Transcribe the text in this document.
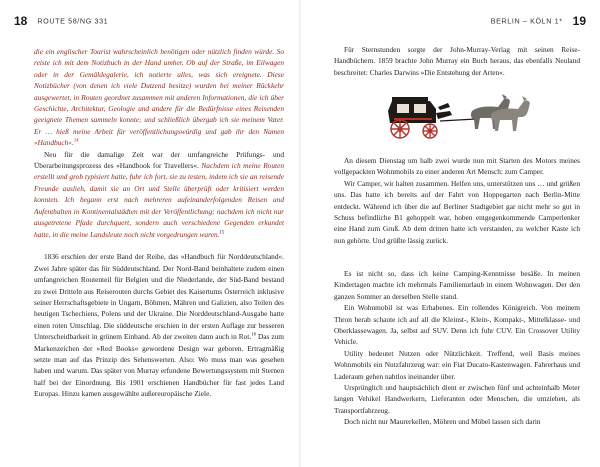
18 ROUTE 58/NG 331

die ein englischer Tourist wahrscheinlich benötigen oder nützlich finden würde. So reiste ich mit dem Notizbuch in der Hand umher. Ob auf der Straße, im Eilwagen oder in der Gemäldegalerie, ich notierte alles, was sich ereignete. Diese Notizbücher (von denen ich viele Dutzend besitze) wurden bei meiner Rückkehr ausgewertet, in Routen geordnet zusammen mit anderen Informationen, die ich über Geschichte, Architektur, Geologie und andere für die Bedürfnisse eines Reisenden geeignete Themen sammeln konnte; und schließlich übergab ich sie meinem Vater. Er … hieß meine Arbeit für veröffentlichungswürdig und gab ihr den Namen »Handbuch«.$^{14}$

Neu für die damalige Zeit war der umfangreiche Prüfungs- und Überarbeitungsprozess des »Handbook for Travellers«. Nachdem ich meine Routen erstellt und grob typisiert hatte, fuhr ich fort, sie zu testen, indem ich sie an reisende Freunde auslieh, damit sie an Ort und Stelle überprüft oder kritisiert werden konnten. Ich begann erst nach mehreren aufeinanderfolgenden Reisen und Aufenthalten in Kontinentalstädten mit der Veröffentlichung; nachdem ich nicht nur ausgetretene Pfade durchquert, sondern auch verschiedene Gegenden erkundet hatte, in die meine Landsleute noch nicht vorgedrungen waren.$^{15}$

1836 erschien der erste Band der Reihe, das »Handbuch für Norddeutschland«. Zwei Jahre später das für Süddeutschland. Der Nord-Band beinhaltete zudem einen umfangreichen Routenteil für Belgien und die Niederlande, der Süd-Band bestand zu zwei Dritteln aus Reiserouten durchs Gebiet des Kaisertums Österreich inklusive seiner Herrschaftsgebiete in Ungarn, Böhmen, Mähren und Galizien, also Teilen des heutigen Tschechiens, Polens und der Ukraine. Die Norddeutschland-Ausgabe hatte einen roten Umschlag. Die süddeutsche erschien in der ersten Auflage zur besseren Unterscheidbarkeit in grünem Einband. Ab der zweiten dann auch in Rot.$^{16}$ Das zum Markenzeichen der »Red Books« gewordene Design war geboren. Ertragmäßig setzte man auf das Prinzip des Sehenswerten. Also: Wo muss man was gesehen haben und warum. Das später von Murray erfundene Bewertungssystem mit Sternen half bei der Einordnung. Bis 1901 erschienen Handbücher für fast jedes Land Europas. Hinzu kamen ausgewählte außereuropäische Ziele.

BERLIN – KÖLN 1* 19

Für Sternstunden sorgte der John-Murray-Verlag mit seinen Reise-Handbüchern. 1859 brachte John Murray ein Buch heraus, das ebenfalls Neuland beschreitet: Charles Darwins »Die Entstehung der Arten«.

An diesem Dienstag um halb zwei wurde nun mit Starten des Motors meines vollgepackten Wohnmobils zu einer anderen Art Mensch: zum Camper.

Wir Camper, wir halten zusammen. Helfen uns, unterstützen uns … und grüßen uns. Das hatte ich bereits auf der Fahrt von Hoppegarten nach Berlin-Mitte entdeckt. Während ich über die auf Berliner Stadtgebiet gar nicht mehr so gut in Schuss befindliche B1 gehoppelt war, hoben entgegenkommende Camperlenker eine Hand zum Gruß. Ab dem dritten hatte ich verstanden, zu welcher Kaste ich nun gehörte. Und grüßte lässig zurück.

Es ist nicht so, dass ich keine Camping-Kenntnisse besäße. In meinen Kindertagen machte ich mehrmals Familienurlaub in einem Wohnwagen. Der den ganzen Sommer an derselben Stelle stand.

Ein Wohnmobil ist was Erhabenes. Ein rollendes Königreich. Von meinem Thron herab schaute ich auf all die Kleinst-, Klein-, Kompakt-, Mittelklasse- und Oberklassewagen. Ja, selbst auf SUV. Denn ich fuhr CUV. Ein Crossover Utility Vehicle.

Utility bedeutet Nutzen oder Nützlichkeit. Treffend, weil Basis meines Wohnmobils ein Nutzfahrzeug war: ein Fiat Ducato-Kastenwagen. Fahrerhaus und Laderaum gehen nahtlos ineinander über.

Ursprünglich und hauptsächlich dient er zwischen fünf und achteinhalb Meter langen Vehikel Handwerkern, Lieferanten oder Menschen, die umziehen, als Transportfahrzeug.

Doch nicht nur Maurerkellen, Möhren und Möbel lassen sich darin
